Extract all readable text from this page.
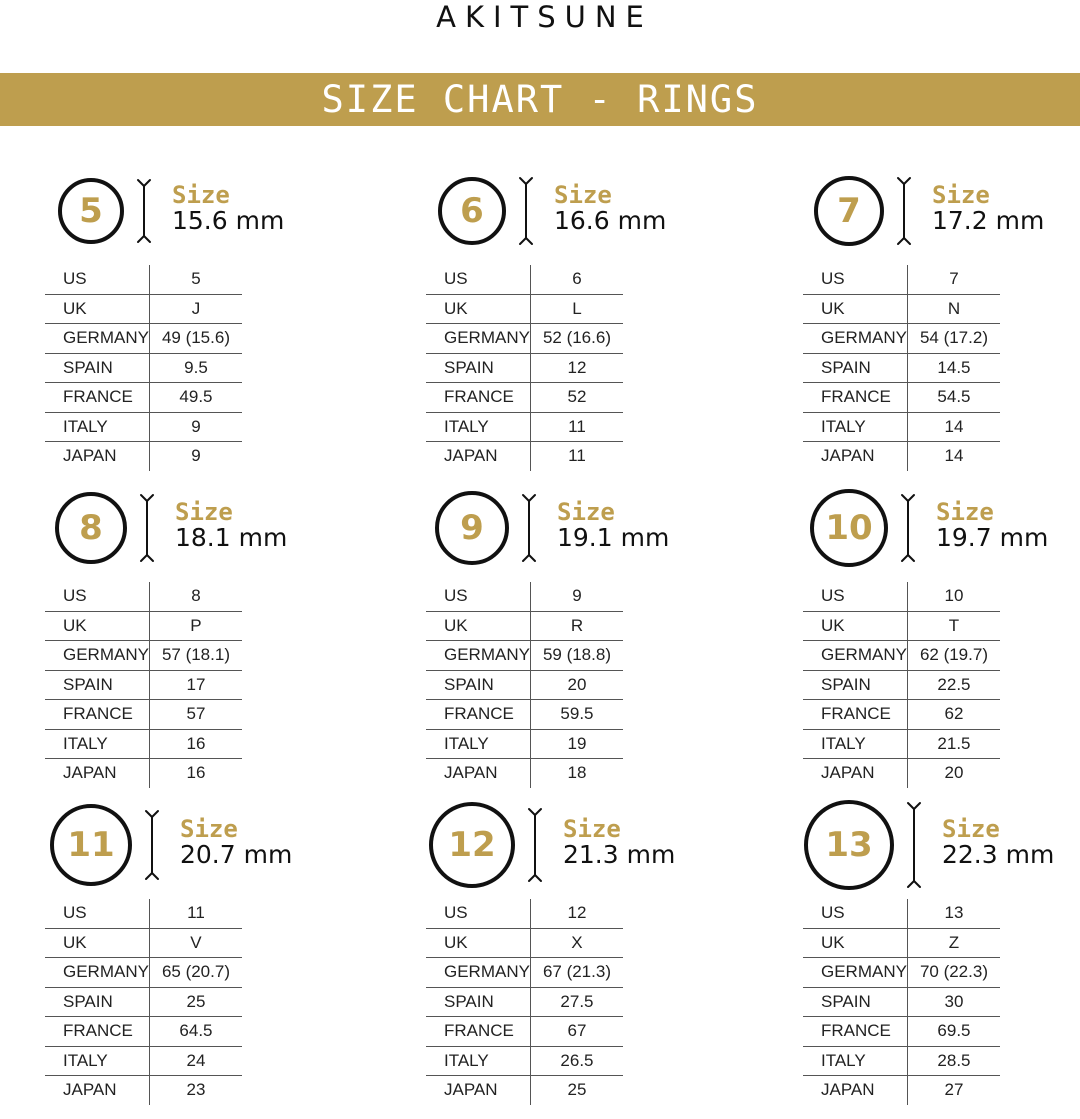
AKITSUNE
SIZE CHART - RINGS
5	Size
15.6 mm
US	5
UK	J
GERMANY	49 (15.6)
SPAIN	9.5
FRANCE	49.5
ITALY	9
JAPAN	9
6	Size
16.6 mm
US	6
UK	L
GERMANY	52 (16.6)
SPAIN	12
FRANCE	52
ITALY	11
JAPAN	11
7	Size
17.2 mm
US	7
UK	N
GERMANY	54 (17.2)
SPAIN	14.5
FRANCE	54.5
ITALY	14
JAPAN	14
8	Size
18.1 mm
US	8
UK	P
GERMANY	57 (18.1)
SPAIN	17
FRANCE	57
ITALY	16
JAPAN	16
9	Size
19.1 mm
US	9
UK	R
GERMANY	59 (18.8)
SPAIN	20
FRANCE	59.5
ITALY	19
JAPAN	18
10	Size
19.7 mm
US	10
UK	T
GERMANY	62 (19.7)
SPAIN	22.5
FRANCE	62
ITALY	21.5
JAPAN	20
11	Size
20.7 mm
US	11
UK	V
GERMANY	65 (20.7)
SPAIN	25
FRANCE	64.5
ITALY	24
JAPAN	23
12	Size
21.3 mm
US	12
UK	X
GERMANY	67 (21.3)
SPAIN	27.5
FRANCE	67
ITALY	26.5
JAPAN	25
13	Size
22.3 mm
US	13
UK	Z
GERMANY	70 (22.3)
SPAIN	30
FRANCE	69.5
ITALY	28.5
JAPAN	27
